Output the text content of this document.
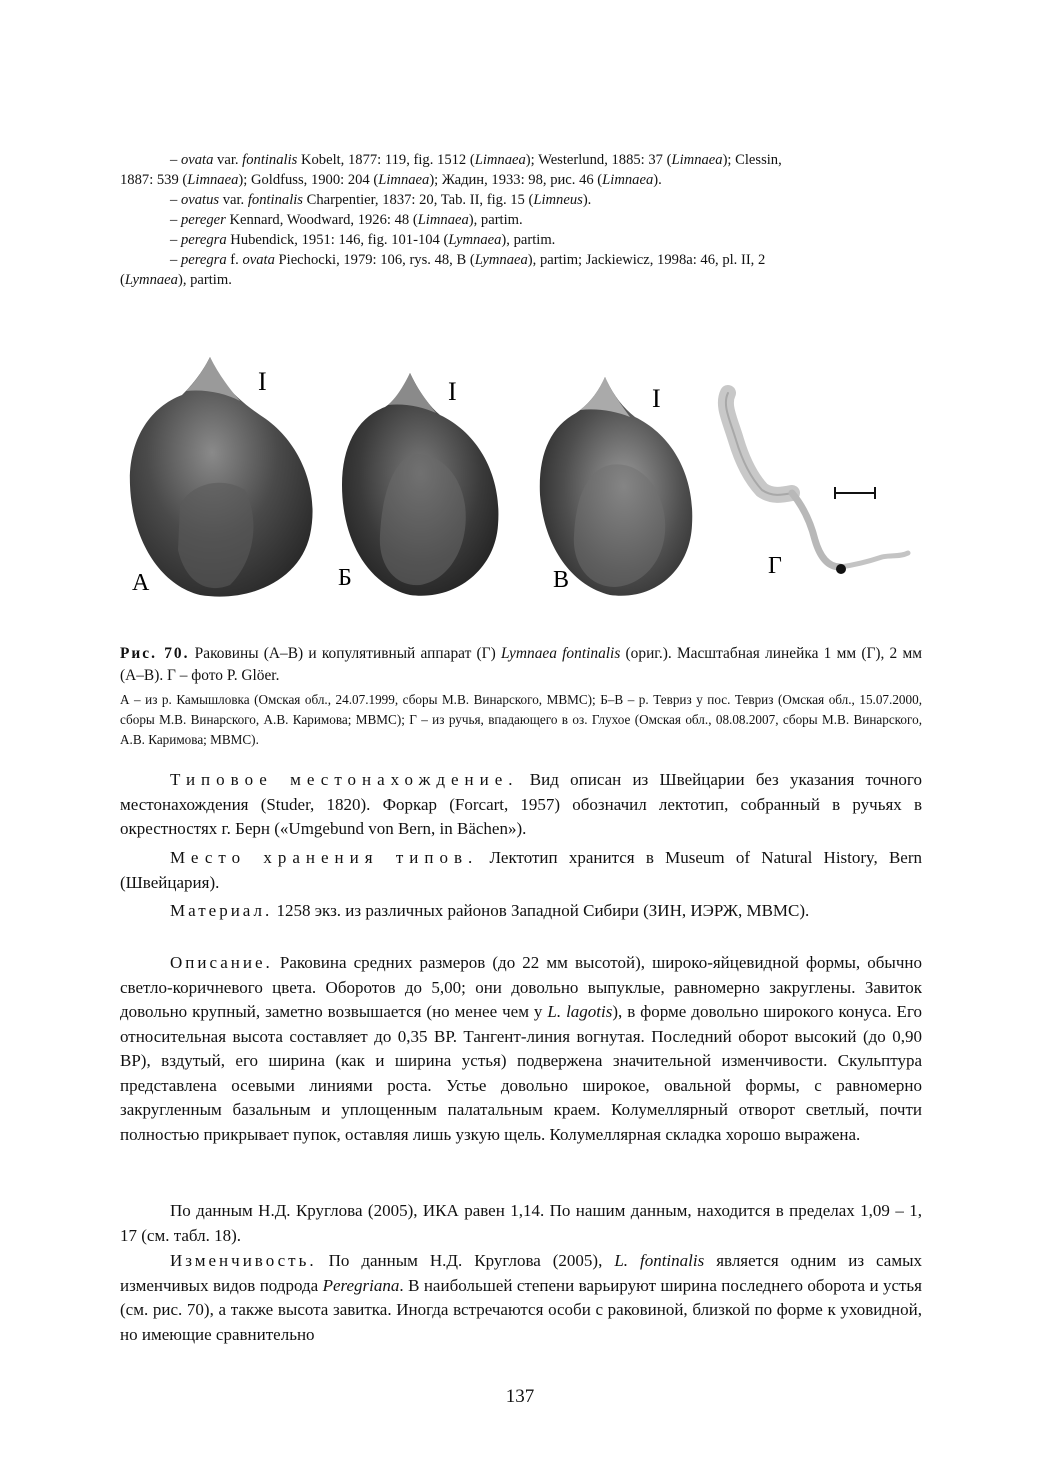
– ovata var. fontinalis Kobelt, 1877: 119, fig. 1512 (Limnaea); Westerlund, 1885: 37 (Limnaea); Clessin,
1887: 539 (Limnaea); Goldfuss, 1900: 204 (Limnaea); Жадин, 1933: 98, рис. 46 (Limnaea).

– ovatus var. fontinalis Charpentier, 1837: 20, Tab. II, fig. 15 (Limneus).

– pereger Kennard, Woodward, 1926: 48 (Limnaea), partim.

– peregra Hubendick, 1951: 146, fig. 101-104 (Lymnaea), partim.

– peregra f. ovata Piechocki, 1979: 106, rys. 48, B (Lymnaea), partim; Jackiewicz, 1998a: 46, pl. II, 2
(Lymnaea), partim.

I
А
I
Б
I
В
Г

Рис. 70. Раковины (А–В) и копулятивный аппарат (Г) Lymnaea fontinalis (ориг.). Масштабная линейка 1 мм (Г), 2 мм (А–В). Г – фото P. Glöer.

А – из р. Камышловка (Омская обл., 24.07.1999, сборы М.В. Винарского, МВМС); Б–В – р. Тевриз у пос. Тевриз (Омская обл., 15.07.2000, сборы М.В. Винарского, А.В. Каримова; МВМС); Г – из ручья, впадающего в оз. Глухое (Омская обл., 08.08.2007, сборы М.В. Винарского, А.В. Каримова; МВМС).

Типовое местонахождение. Вид описан из Швейцарии без указания точного местонахождения (Studer, 1820). Форкар (Forcart, 1957) обозначил лектотип, собранный в ручьях в окрестностях г. Берн («Umgebund von Bern, in Bächen»).

Место хранения типов. Лектотип хранится в Museum of Natural History, Bern (Швейцария).

Материал. 1258 экз. из различных районов Западной Сибири (ЗИН, ИЭРЖ, МВМС).

Описание. Раковина средних размеров (до 22 мм высотой), широко-яйцевидной формы, обычно светло-коричневого цвета. Оборотов до 5,00; они довольно выпуклые, равномерно закруглены. Завиток довольно крупный, заметно возвышается (но менее чем у L. lagotis), в форме довольно широкого конуса. Его относительная высота составляет до 0,35 ВР. Тангент-линия вогнутая. Последний оборот высокий (до 0,90 ВР), вздутый, его ширина (как и ширина устья) подвержена значительной изменчивости. Скульптура представлена осевыми линиями роста. Устье довольно широкое, овальной формы, с равномерно закругленным базальным и уплощенным палатальным краем. Колумеллярный отворот светлый, почти полностью прикрывает пупок, оставляя лишь узкую щель. Колумеллярная складка хорошо выражена.

По данным Н.Д. Круглова (2005), ИКА равен 1,14. По нашим данным, находится в пределах 1,09 – 1, 17 (см. табл. 18).

Изменчивость. По данным Н.Д. Круглова (2005), L. fontinalis является одним из самых изменчивых видов подрода Peregriana. В наибольшей степени варьируют ширина последнего оборота и устья (см. рис. 70), а также высота завитка. Иногда встречаются особи с раковиной, близкой по форме к уховидной, но имеющие сравнительно

137
